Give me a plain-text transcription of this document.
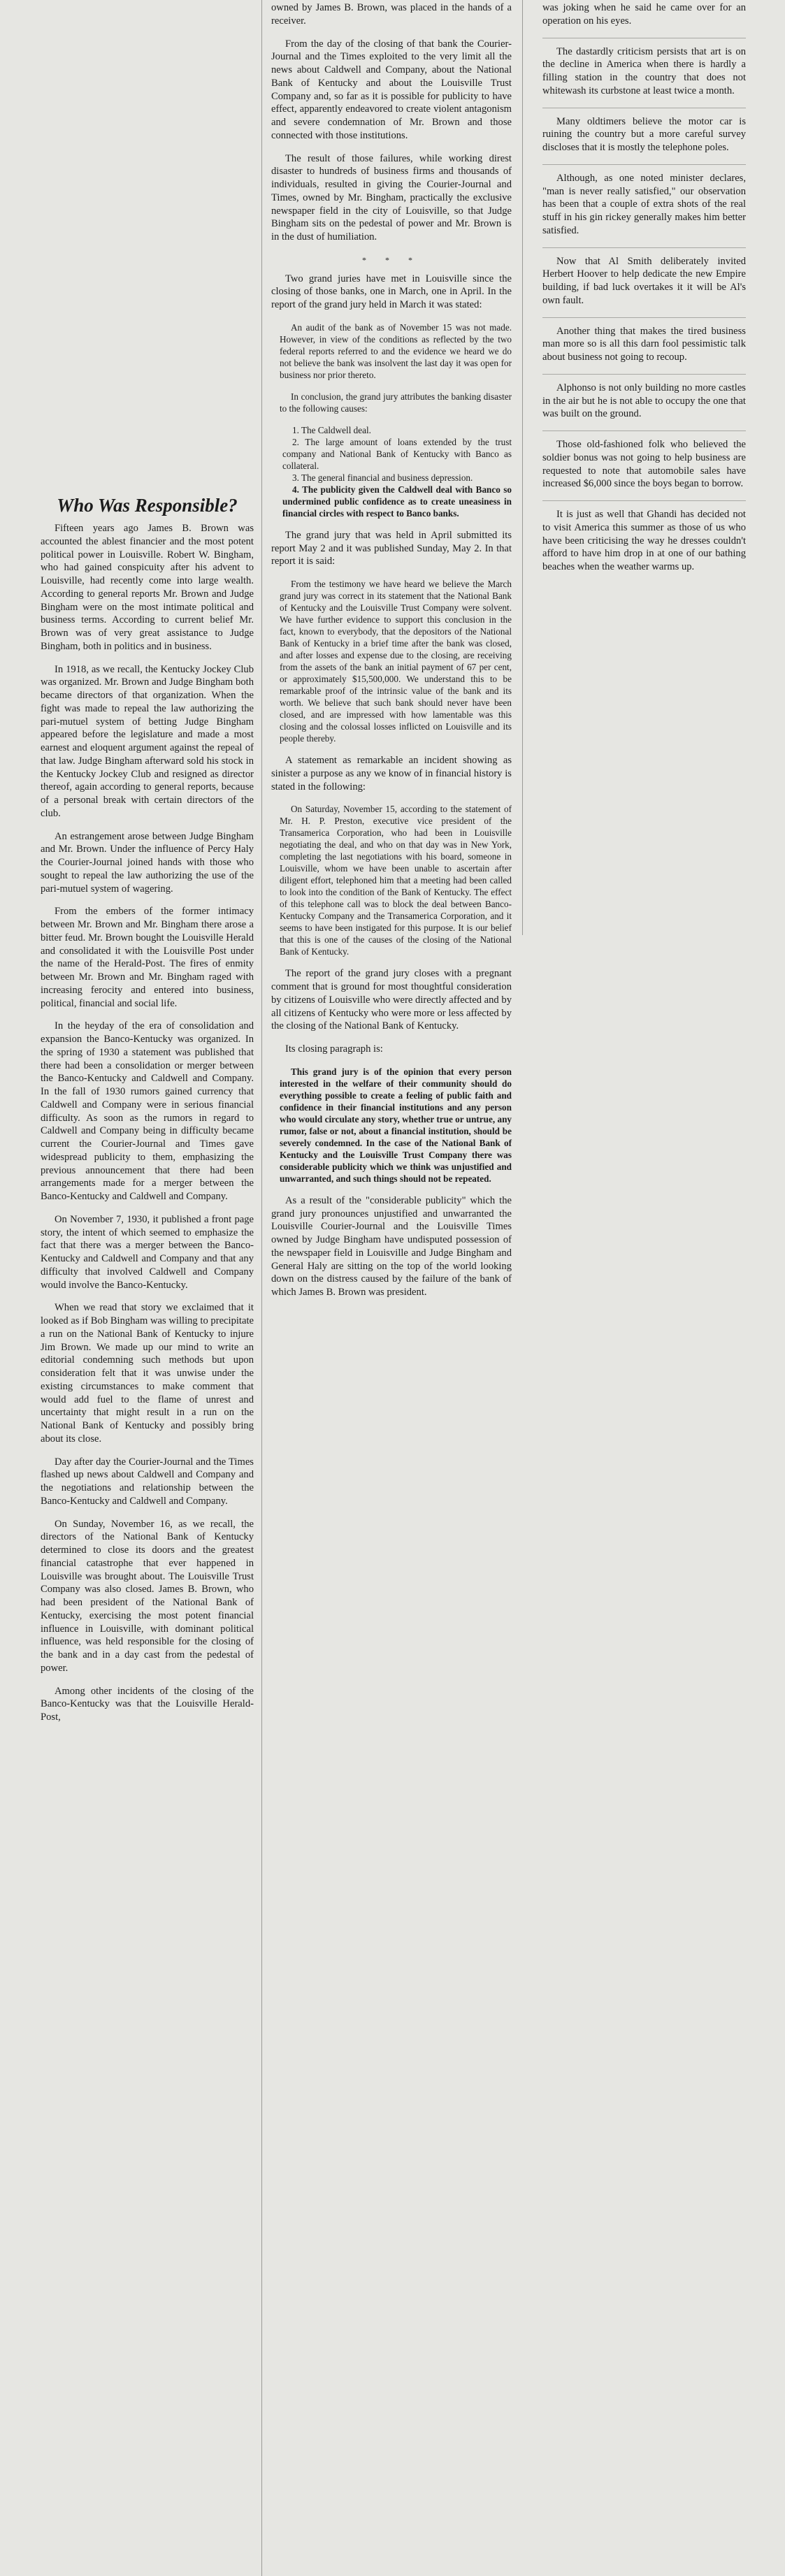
Who Was Responsible?

Fifteen years ago James B. Brown was accounted the ablest financier and the most potent political power in Louisville. Robert W. Bingham, who had gained conspicuity after his advent to Louisville, had recently come into large wealth. According to general reports Mr. Brown and Judge Bingham were on the most intimate political and business terms. According to current belief Mr. Brown was of very great assistance to Judge Bingham, both in politics and in business.

In 1918, as we recall, the Kentucky Jockey Club was organized. Mr. Brown and Judge Bingham both became directors of that organization. When the fight was made to repeal the law authorizing the pari-mutuel system of betting Judge Bingham appeared before the legislature and made a most earnest and eloquent argument against the repeal of that law. Judge Bingham afterward sold his stock in the Kentucky Jockey Club and resigned as director thereof, again according to general reports, because of a personal break with certain directors of the club.

An estrangement arose between Judge Bingham and Mr. Brown. Under the influence of Percy Haly the Courier-Journal joined hands with those who sought to repeal the law authorizing the use of the pari-mutuel system of wagering.

From the embers of the former intimacy between Mr. Brown and Mr. Bingham there arose a bitter feud. Mr. Brown bought the Louisville Herald and consolidated it with the Louisville Post under the name of the Herald-Post. The fires of enmity between Mr. Brown and Mr. Bingham raged with increasing ferocity and entered into business, political, financial and social life.

In the heyday of the era of consolidation and expansion the Banco-Kentucky was organized. In the spring of 1930 a statement was published that there had been a consolidation or merger between the Banco-Kentucky and Caldwell and Company. In the fall of 1930 rumors gained currency that Caldwell and Company were in serious financial difficulty. As soon as the rumors in regard to Caldwell and Company being in difficulty became current the Courier-Journal and Times gave widespread publicity to them, emphasizing the previous announcement that there had been arrangements made for a merger between the Banco-Kentucky and Caldwell and Company.

On November 7, 1930, it published a front page story, the intent of which seemed to emphasize the fact that there was a merger between the Banco-Kentucky and Caldwell and Company and that any difficulty that involved Caldwell and Company would involve the Banco-Kentucky.

When we read that story we exclaimed that it looked as if Bob Bingham was willing to precipitate a run on the National Bank of Kentucky to injure Jim Brown. We made up our mind to write an editorial condemning such methods but upon consideration felt that it was unwise under the existing circumstances to make comment that would add fuel to the flame of unrest and uncertainty that might result in a run on the National Bank of Kentucky and possibly bring about its close.

Day after day the Courier-Journal and the Times flashed up news about Caldwell and Company and the negotiations and relationship between the Banco-Kentucky and Caldwell and Company.

On Sunday, November 16, as we recall, the directors of the National Bank of Kentucky determined to close its doors and the greatest financial catastrophe that ever happened in Louisville was brought about. The Louisville Trust Company was also closed. James B. Brown, who had been president of the National Bank of Kentucky, exercising the most potent financial influence in Louisville, with dominant political influence, was held responsible for the closing of the bank and in a day cast from the pedestal of power.

Among other incidents of the closing of the Banco-Kentucky was that the Louisville Herald-Post,

owned by James B. Brown, was placed in the hands of a receiver.

From the day of the closing of that bank the Courier-Journal and the Times exploited to the very limit all the news about Caldwell and Company, about the National Bank of Kentucky and about the Louisville Trust Company and, so far as it is possible for publicity to have effect, apparently endeavored to create violent antagonism and severe condemnation of Mr. Brown and those connected with those institutions.

The result of those failures, while working direst disaster to hundreds of business firms and thousands of individuals, resulted in giving the Courier-Journal and Times, owned by Mr. Bingham, practically the exclusive newspaper field in the city of Louisville, so that Judge Bingham sits on the pedestal of power and Mr. Brown is in the dust of humiliation.

* * *

Two grand juries have met in Louisville since the closing of those banks, one in March, one in April. In the report of the grand jury held in March it was stated:

An audit of the bank as of November 15 was not made. However, in view of the conditions as reflected by the two federal reports referred to and the evidence we heard we do not believe the bank was insolvent the last day it was open for business nor prior thereto.

In conclusion, the grand jury attributes the banking disaster to the following causes:

1. The Caldwell deal.
2. The large amount of loans extended by the trust company and National Bank of Kentucky with Banco as collateral.
3. The general financial and business depression.
4. The publicity given the Caldwell deal with Banco so undermined public confidence as to create uneasiness in financial circles with respect to Banco banks.

The grand jury that was held in April submitted its report May 2 and it was published Sunday, May 2. In that report it is said:

From the testimony we have heard we believe the March grand jury was correct in its statement that the National Bank of Kentucky and the Louisville Trust Company were solvent. We have further evidence to support this conclusion in the fact, known to everybody, that the depositors of the National Bank of Kentucky in a brief time after the bank was closed, and after losses and expense due to the closing, are receiving from the assets of the bank an initial payment of 67 per cent, or approximately $15,500,000. We understand this to be remarkable proof of the intrinsic value of the bank and its worth. We believe that such bank should never have been closed, and are impressed with how lamentable was this closing and the colossal losses inflicted on Louisville and its people thereby.

A statement as remarkable an incident showing as sinister a purpose as any we know of in financial history is stated in the following:

On Saturday, November 15, according to the statement of Mr. H. P. Preston, executive vice president of the Transamerica Corporation, who had been in Louisville negotiating the deal, and who on that day was in New York, completing the last negotiations with his board, someone in Louisville, whom we have been unable to ascertain after diligent effort, telephoned him that a meeting had been called to look into the condition of the Bank of Kentucky. The effect of this telephone call was to block the deal between Banco-Kentucky Company and the Transamerica Corporation, and it seems to have been instigated for this purpose. It is our belief that this is one of the causes of the closing of the National Bank of Kentucky.

The report of the grand jury closes with a pregnant comment that is ground for most thoughtful consideration by citizens of Louisville who were directly affected and by all citizens of Kentucky who were more or less affected by the closing of the National Bank of Kentucky.

Its closing paragraph is:

This grand jury is of the opinion that every person interested in the welfare of their community should do everything possible to create a feeling of public faith and confidence in their financial institutions and any person who would circulate any story, whether true or untrue, any rumor, false or not, about a financial institution, should be severely condemned. In the case of the National Bank of Kentucky and the Louisville Trust Company there was considerable publicity which we think was unjustified and unwarranted, and such things should not be repeated.

As a result of the "considerable publicity" which the grand jury pronounces unjustified and unwarranted the Louisville Courier-Journal and the Louisville Times owned by Judge Bingham have undisputed possession of the newspaper field in Louisville and Judge Bingham and General Haly are sitting on the top of the world looking down on the distress caused by the failure of the bank of which James B. Brown was president.

was joking when he said he came over for an operation on his eyes.

The dastardly criticism persists that art is on the decline in America when there is hardly a filling station in the country that does not whitewash its curbstone at least twice a month.

Many oldtimers believe the motor car is ruining the country but a more careful survey discloses that it is mostly the telephone poles.

Although, as one noted minister declares, "man is never really satisfied," our observation has been that a couple of extra shots of the real stuff in his gin rickey generally makes him better satisfied.

Now that Al Smith deliberately invited Herbert Hoover to help dedicate the new Empire building, if bad luck overtakes it it will be Al's own fault.

Another thing that makes the tired business man more so is all this darn fool pessimistic talk about business not going to recoup.

Alphonso is not only building no more castles in the air but he is not able to occupy the one that was built on the ground.

Those old-fashioned folk who believed the soldier bonus was not going to help business are requested to note that automobile sales have increased $6,000 since the boys began to borrow.

It is just as well that Ghandi has decided not to visit America this summer as those of us who have been criticising the way he dresses couldn't afford to have him drop in at one of our bathing beaches when the weather warms up.
